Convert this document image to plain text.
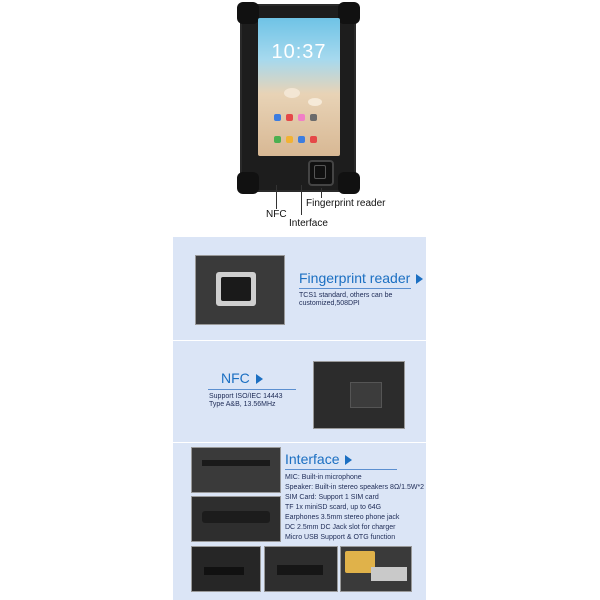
10:37
NFC
Interface
Fingerprint reader
Fingerprint reader
TCS1 standard, others can be
customized,508DPI
NFC
Support ISO/IEC 14443
Type A&B, 13.56MHz
Interface
MIC: Built-in microphone
Speaker: Built-in stereo speakers 8Ω/1.5W*2
SIM Card: Support 1 SIM card
TF 1x miniSD scard, up to 64G
Earphones 3.5mm stereo phone jack
DC 2.5mm DC Jack slot for charger
Micro USB Support & OTG function
